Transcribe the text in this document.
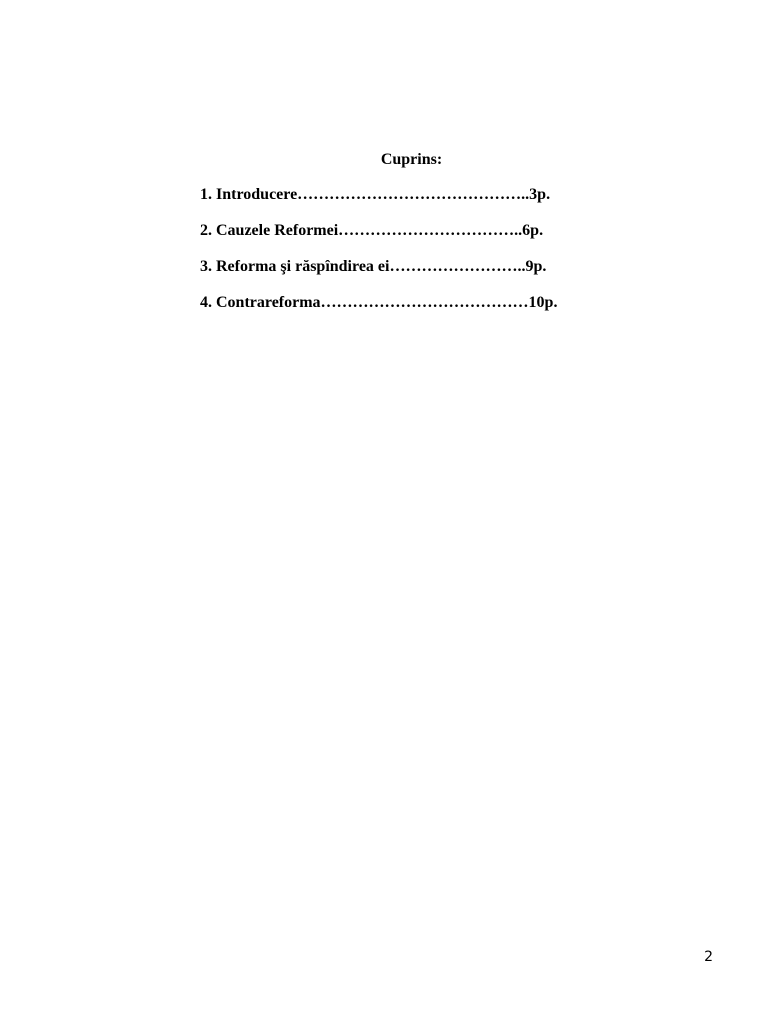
Cuprins:
1. Introducere……………………………………..3p.
2. Cauzele Reformei……………………………..6p.
3. Reforma şi răspîndirea ei……………………..9p.
4. Contrareforma…………………………………10p.
2
